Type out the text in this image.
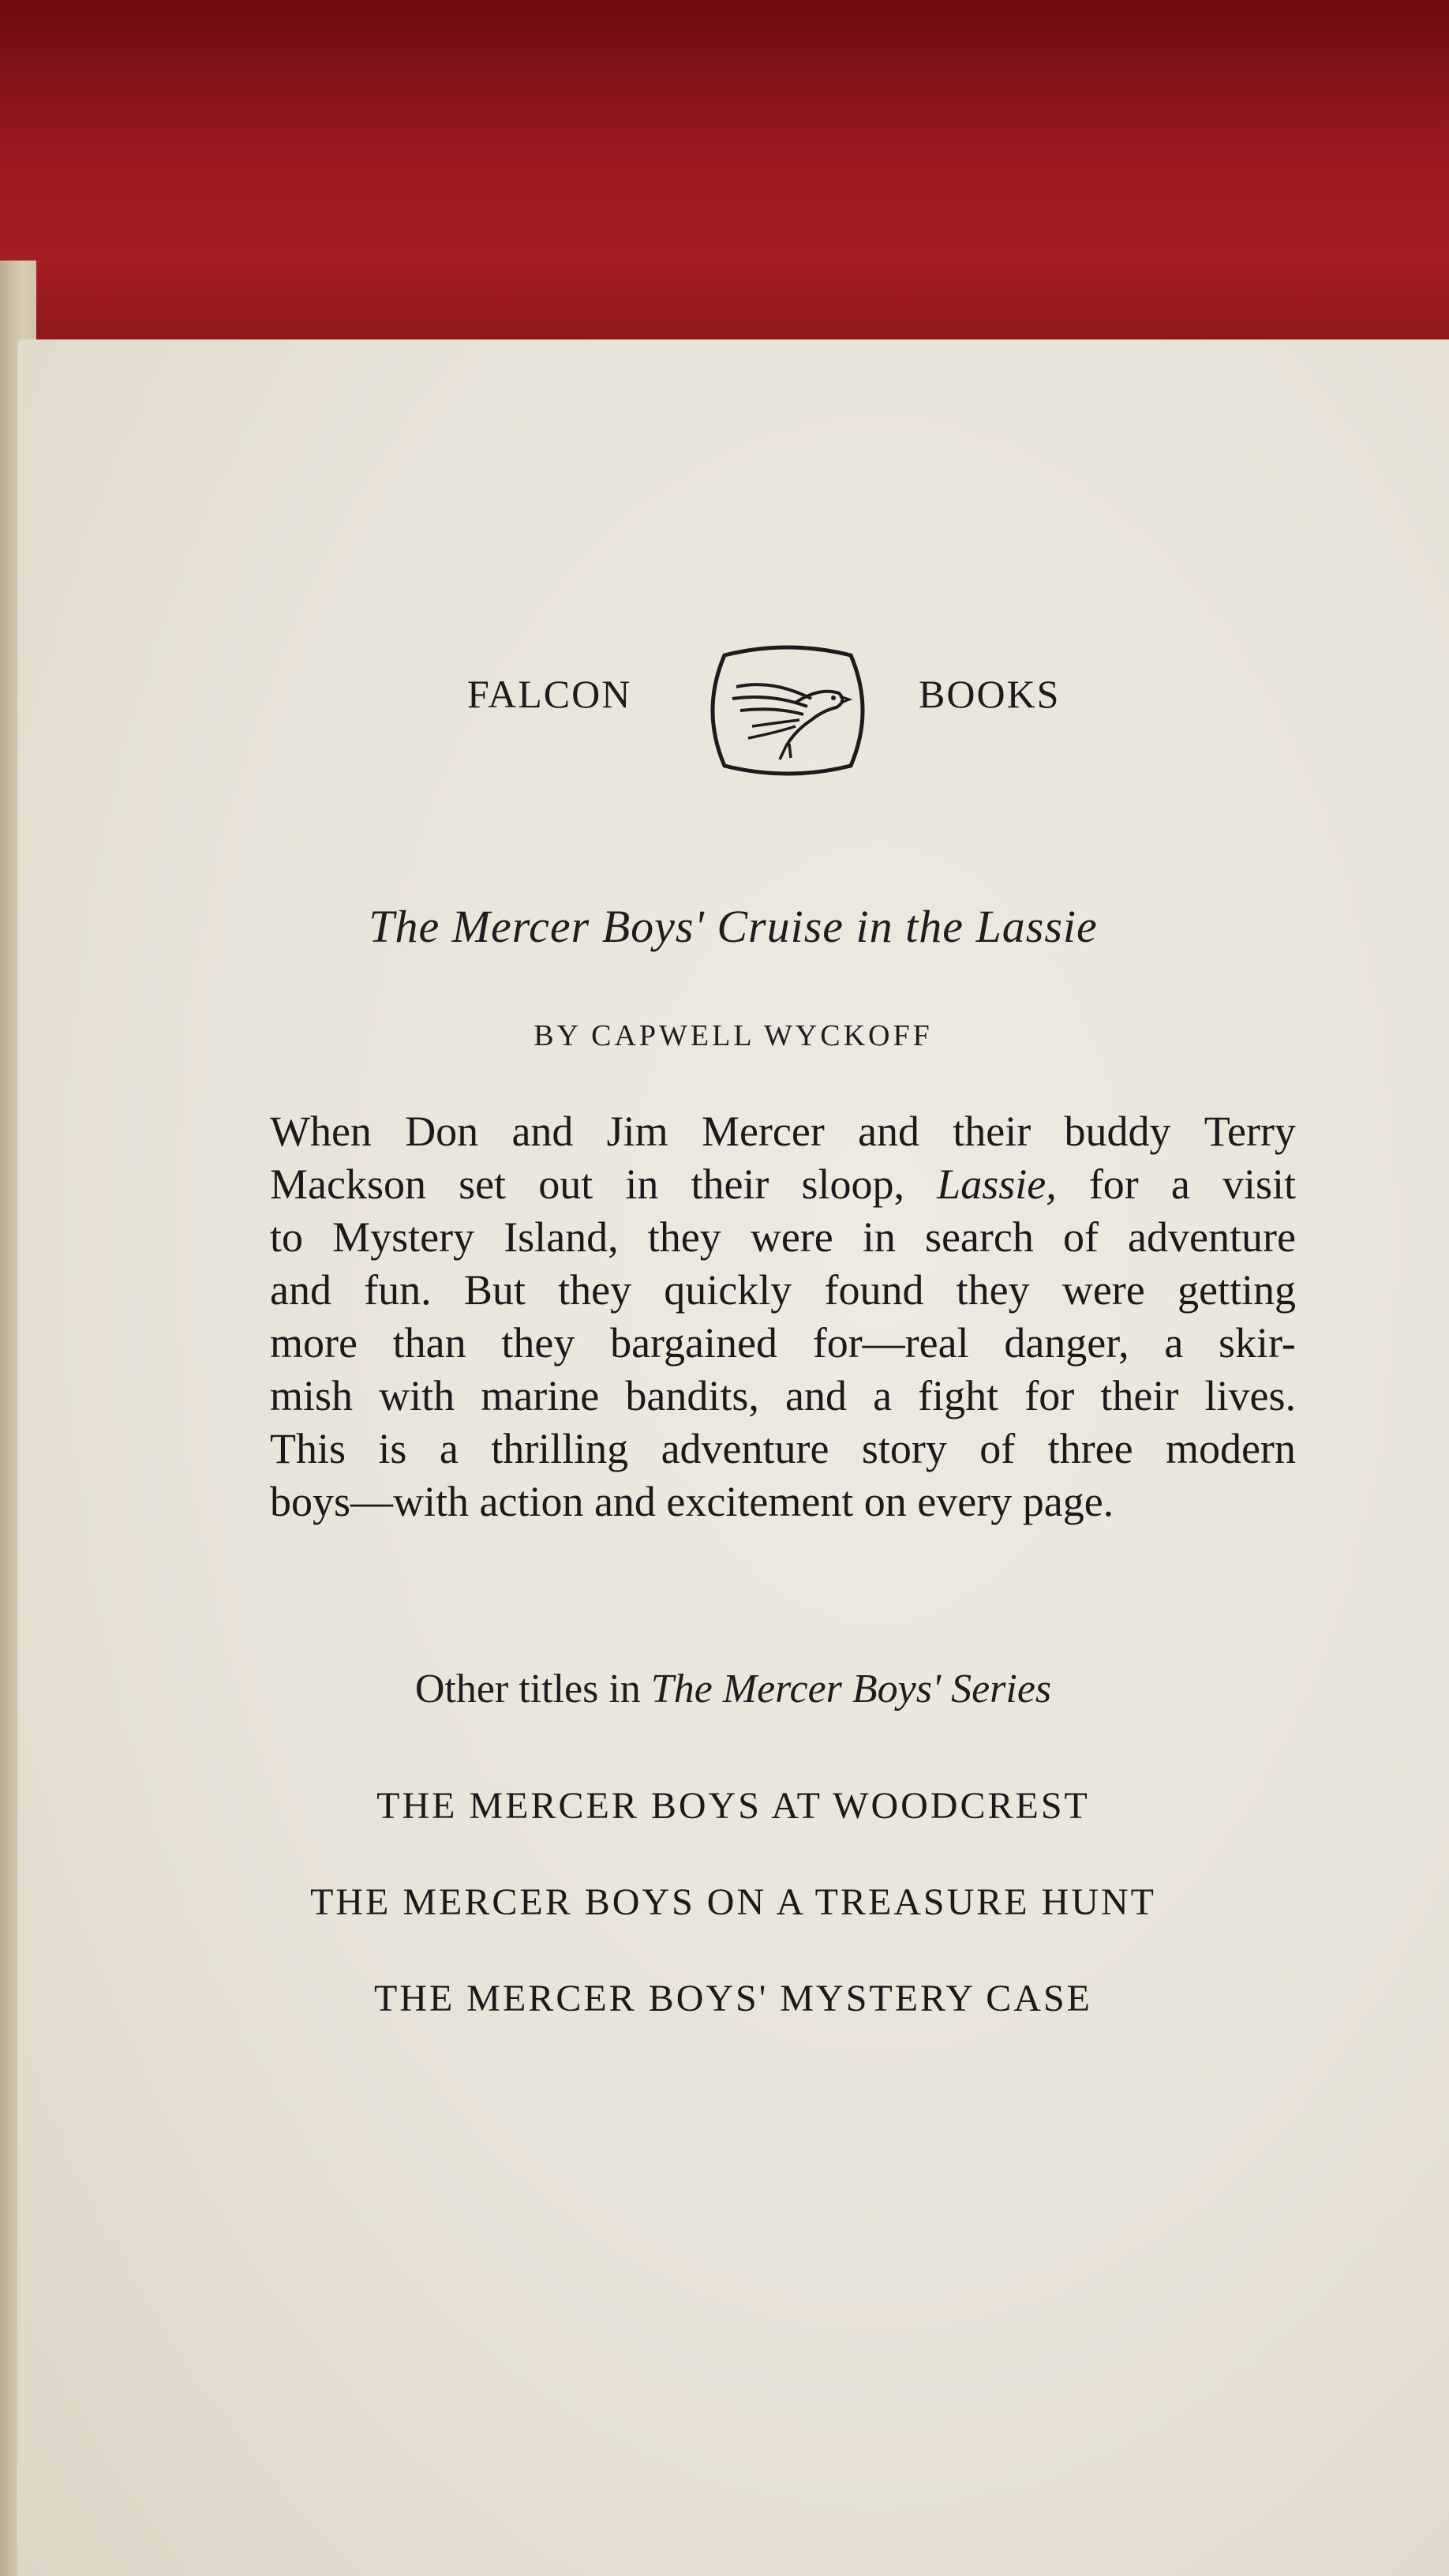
FALCON	BOOKS
The Mercer Boys' Cruise in the Lassie
BY CAPWELL WYCKOFF
When Don and Jim Mercer and their buddy Terry
Mackson set out in their sloop, Lassie, for a visit
to Mystery Island, they were in search of adventure
and fun. But they quickly found they were getting
more than they bargained for—real danger, a skir-
mish with marine bandits, and a fight for their lives.
This is a thrilling adventure story of three modern
boys—with action and excitement on every page.
Other titles in The Mercer Boys' Series
THE MERCER BOYS AT WOODCREST
THE MERCER BOYS ON A TREASURE HUNT
THE MERCER BOYS' MYSTERY CASE
